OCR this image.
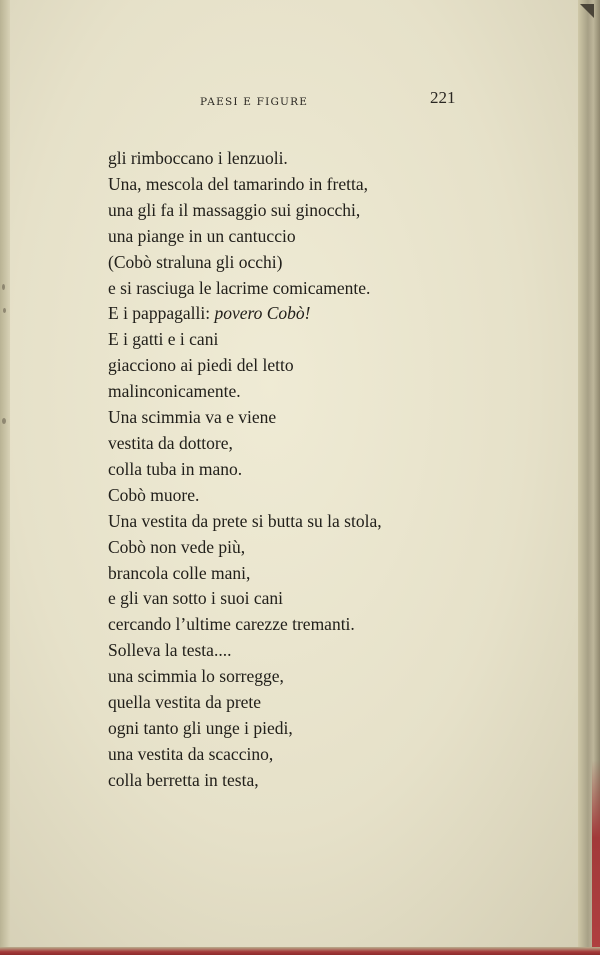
PAESI E FIGURE	221
gli rimboccano i lenzuoli.
Una, mescola del tamarindo in fretta,
una gli fa il massaggio sui ginocchi,
una piange in un cantuccio
(Cobò straluna gli occhi)
e si rasciuga le lacrime comicamente.
E i pappagalli: povero Cobò!
E i gatti e i cani
giacciono ai piedi del letto
malinconicamente.
Una scimmia va e viene
vestita da dottore,
colla tuba in mano.
Cobò muore.
Una vestita da prete si butta su la stola,
Cobò non vede più,
brancola colle mani,
e gli van sotto i suoi cani
cercando l’ultime carezze tremanti.
Solleva la testa....
una scimmia lo sorregge,
quella vestita da prete
ogni tanto gli unge i piedi,
una vestita da scaccino,
colla berretta in testa,
